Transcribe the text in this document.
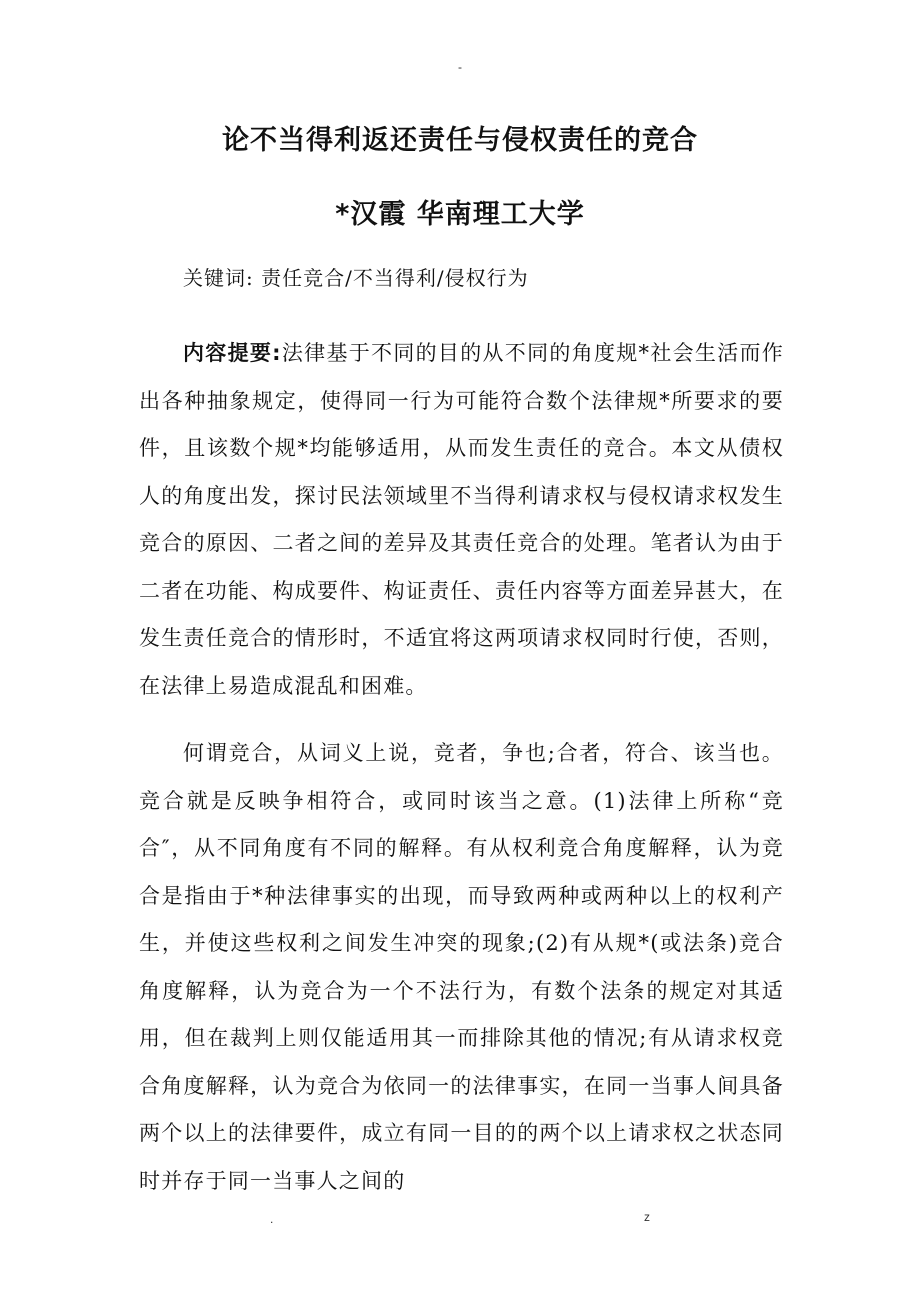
-
论不当得利返还责任与侵权责任的竞合
*汉霞 华南理工大学
关键词: 责任竞合/不当得利/侵权行为

内容提要:法律基于不同的目的从不同的角度规*社会生活而作出各种抽象规定，使得同一行为可能符合数个法律规*所要求的要件，且该数个规*均能够适用，从而发生责任的竞合。本文从债权人的角度出发，探讨民法领域里不当得利请求权与侵权请求权发生竞合的原因、二者之间的差异及其责任竞合的处理。笔者认为由于二者在功能、构成要件、构证责任、责任内容等方面差异甚大，在发生责任竞合的情形时，不适宜将这两项请求权同时行使，否则，在法律上易造成混乱和困难。

何谓竞合，从词义上说，竞者，争也;合者，符合、该当也。竞合就是反映争相符合，或同时该当之意。(1)法律上所称“竞合″，从不同角度有不同的解释。有从权利竞合角度解释，认为竞合是指由于*种法律事实的出现，而导致两种或两种以上的权利产生，并使这些权利之间发生冲突的现象;(2)有从规*(或法条)竞合角度解释，认为竞合为一个不法行为，有数个法条的规定对其适用，但在裁判上则仅能适用其一而排除其他的情况;有从请求权竞合角度解释，认为竞合为依同一的法律事实，在同一当事人间具备两个以上的法律要件，成立有同一目的的两个以上请求权之状态同时并存于同一当事人之间的

.	z
